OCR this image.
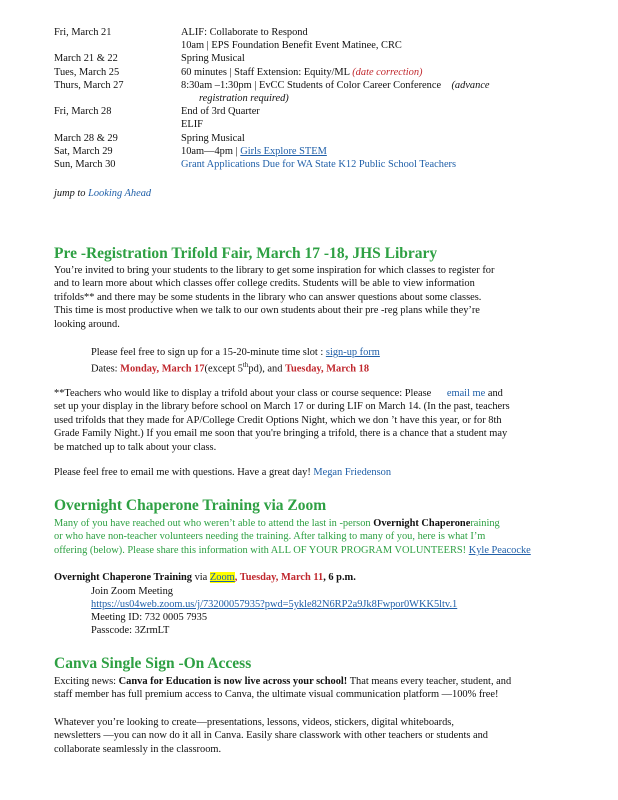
Fri, March 21	ALIF: Collaborate to Respond
10am | EPS Foundation Benefit Event Matinee, CRC
March 21 & 22	Spring Musical
Tues, March 25	60 minutes | Staff Extension: Equity/ML (date correction)
Thurs, March 27	8:30am –1:30pm | EvCC Students of Color Career Conference (advance
registration required)
Fri, March 28	End of 3rd Quarter
ELIF
March 28 & 29	Spring Musical
Sat, March 29	10am—4pm | Girls Explore STEM
Sun, March 30	Grant Applications Due for WA State K12 Public School Teachers
jump to Looking Ahead
Pre -Registration Trifold Fair, March 17 -18, JHS Library
You’re invited to bring your students to the library to get some inspiration for which classes to register for
and to learn more about which classes offer college credits. Students will be able to view information
trifolds** and there may be some students in the library who can answer questions about some classes.
This time is most productive when we talk to our own students about their pre -reg plans while they’re
looking around.
Please feel free to sign up for a 15-20-minute time slot : sign-up form
Dates: Monday, March 17(except 5thpd), and Tuesday, March 18
**Teachers who would like to display a trifold about your class or course sequence: Please email me and
set up your display in the library before school on March 17 or during LIF on March 14. (In the past, teachers
used trifolds that they made for AP/College Credit Options Night, which we don ’t have this year, or for 8th
Grade Family Night.) If you email me soon that you're bringing a trifold, there is a chance that a student may
be matched up to talk about your class.
Please feel free to email me with questions. Have a great day! Megan Friedenson
Overnight Chaperone Training via Zoom
Many of you have reached out who weren’t able to attend the last in -person Overnight Chaperoneraining
or who have non-teacher volunteers needing the training. After talking to many of you, here is what I’m
offering (below). Please share this information with ALL OF YOUR PROGRAM VOLUNTEERS! Kyle Peacocke
Overnight Chaperone Training via Zoom, Tuesday, March 11, 6 p.m.
Join Zoom Meeting
https://us04web.zoom.us/j/73200057935?pwd=5ykle82N6RP2a9Jk8Fwpor0WKK5ltv.1
Meeting ID: 732 0005 7935
Passcode: 3ZrmLT
Canva Single Sign -On Access
Exciting news: Canva for Education is now live across your school! That means every teacher, student, and
staff member has full premium access to Canva, the ultimate visual communication platform —100% free!
Whatever you’re looking to create—presentations, lessons, videos, stickers, digital whiteboards,
newsletters —you can now do it all in Canva. Easily share classwork with other teachers or students and
collaborate seamlessly in the classroom.
